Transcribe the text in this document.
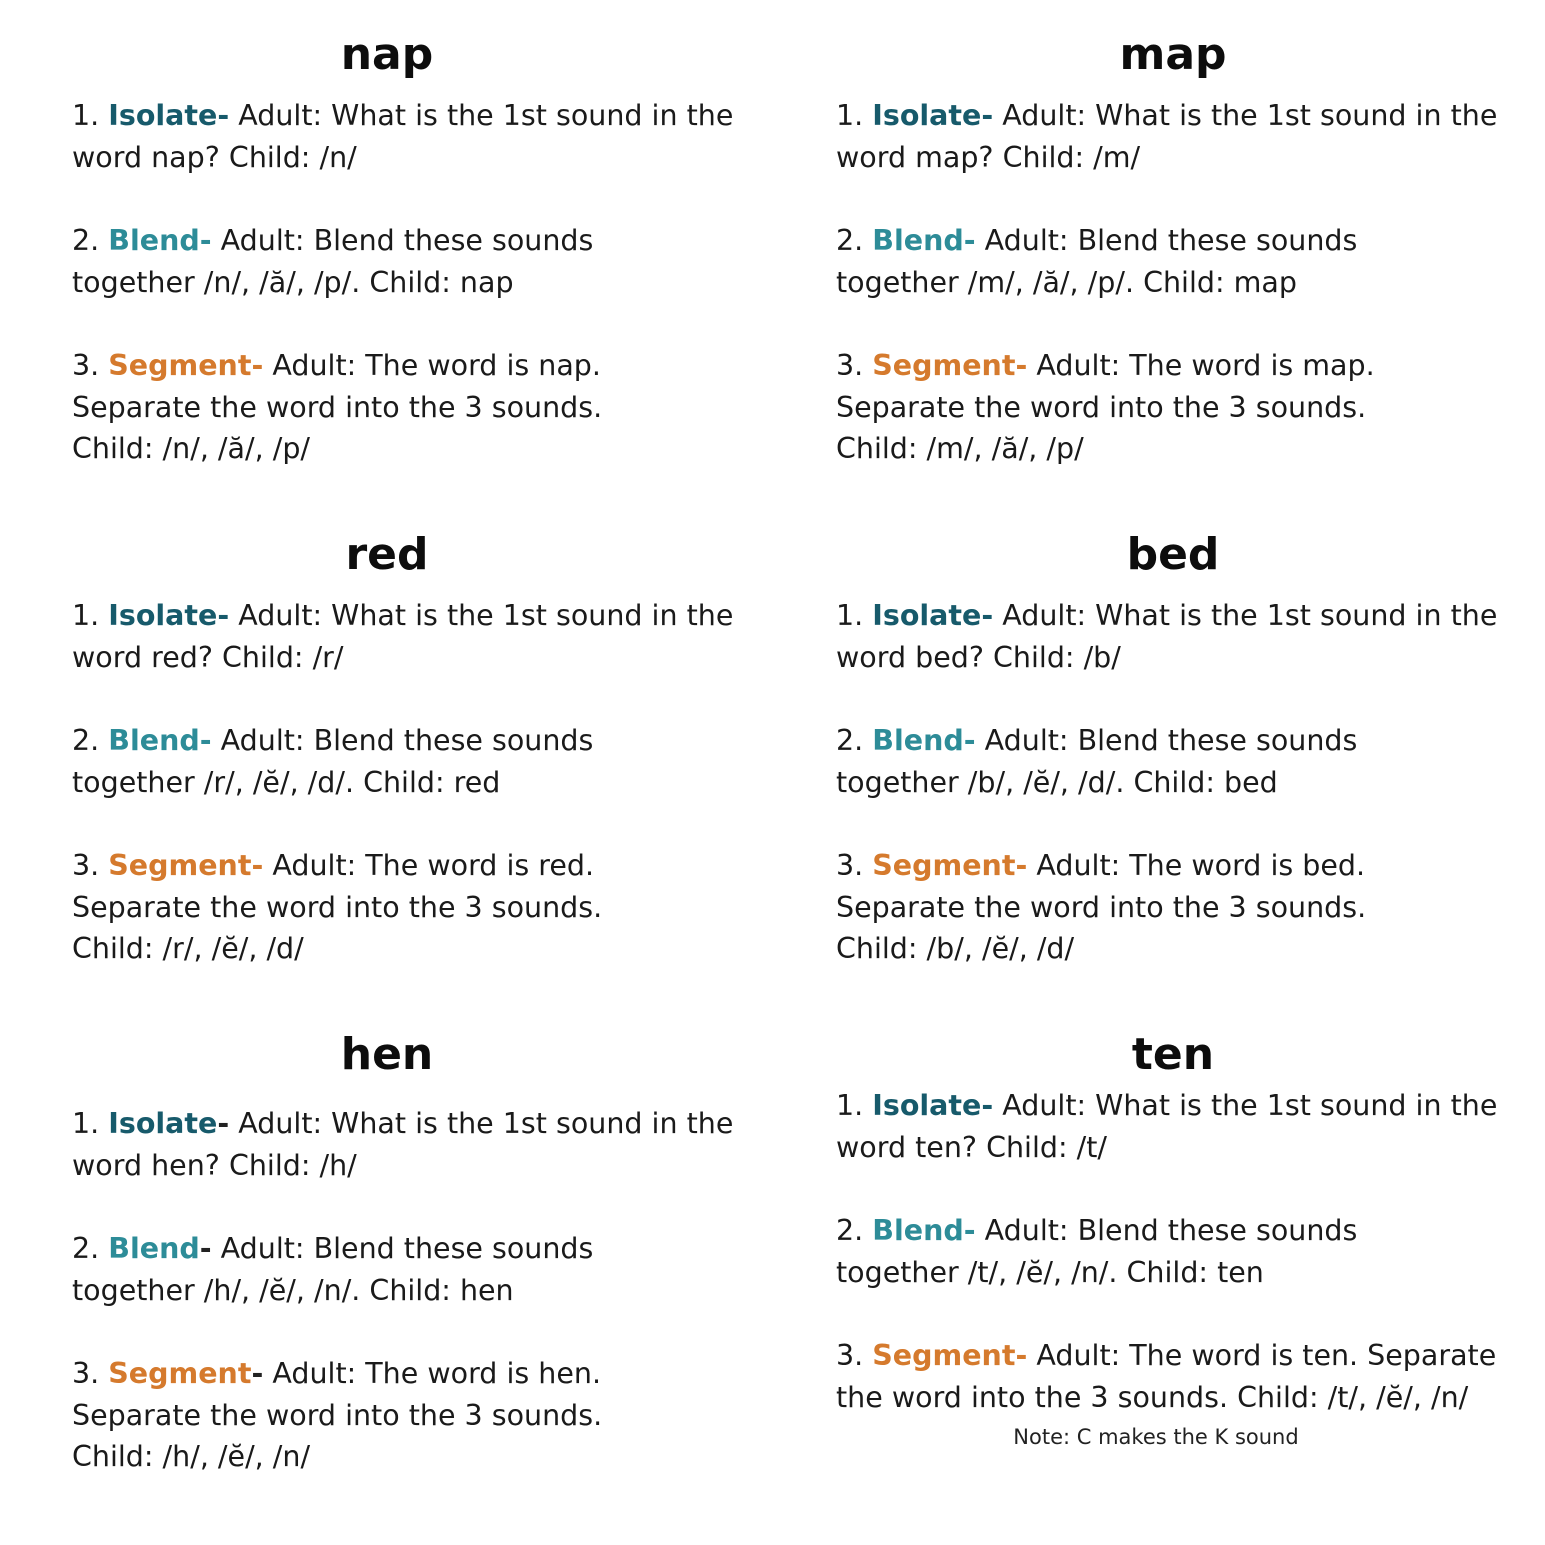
nap
1. Isolate- Adult: What is the 1st sound in the
word nap? Child: /n/
2. Blend- Adult: Blend these sounds
together /n/, /ă/, /p/. Child: nap
3. Segment- Adult: The word is nap.
Separate the word into the 3 sounds.
Child: /n/, /ă/, /p/
map
1. Isolate- Adult: What is the 1st sound in the
word map? Child: /m/
2. Blend- Adult: Blend these sounds
together /m/, /ă/, /p/. Child: map
3. Segment- Adult: The word is map.
Separate the word into the 3 sounds.
Child: /m/, /ă/, /p/
red
1. Isolate- Adult: What is the 1st sound in the
word red? Child: /r/
2. Blend- Adult: Blend these sounds
together /r/, /ĕ/, /d/. Child: red
3. Segment- Adult: The word is red.
Separate the word into the 3 sounds.
Child: /r/, /ĕ/, /d/
bed
1. Isolate- Adult: What is the 1st sound in the
word bed? Child: /b/
2. Blend- Adult: Blend these sounds
together /b/, /ĕ/, /d/. Child: bed
3. Segment- Adult: The word is bed.
Separate the word into the 3 sounds.
Child: /b/, /ĕ/, /d/
hen
1. Isolate- Adult: What is the 1st sound in the
word hen? Child: /h/
2. Blend- Adult: Blend these sounds
together /h/, /ĕ/, /n/. Child: hen
3. Segment- Adult: The word is hen.
Separate the word into the 3 sounds.
Child: /h/, /ĕ/, /n/
ten
1. Isolate- Adult: What is the 1st sound in the
word ten? Child: /t/
2. Blend- Adult: Blend these sounds
together /t/, /ĕ/, /n/. Child: ten
3. Segment- Adult: The word is ten. Separate
the word into the 3 sounds. Child: /t/, /ĕ/, /n/
Note: C makes the K sound
